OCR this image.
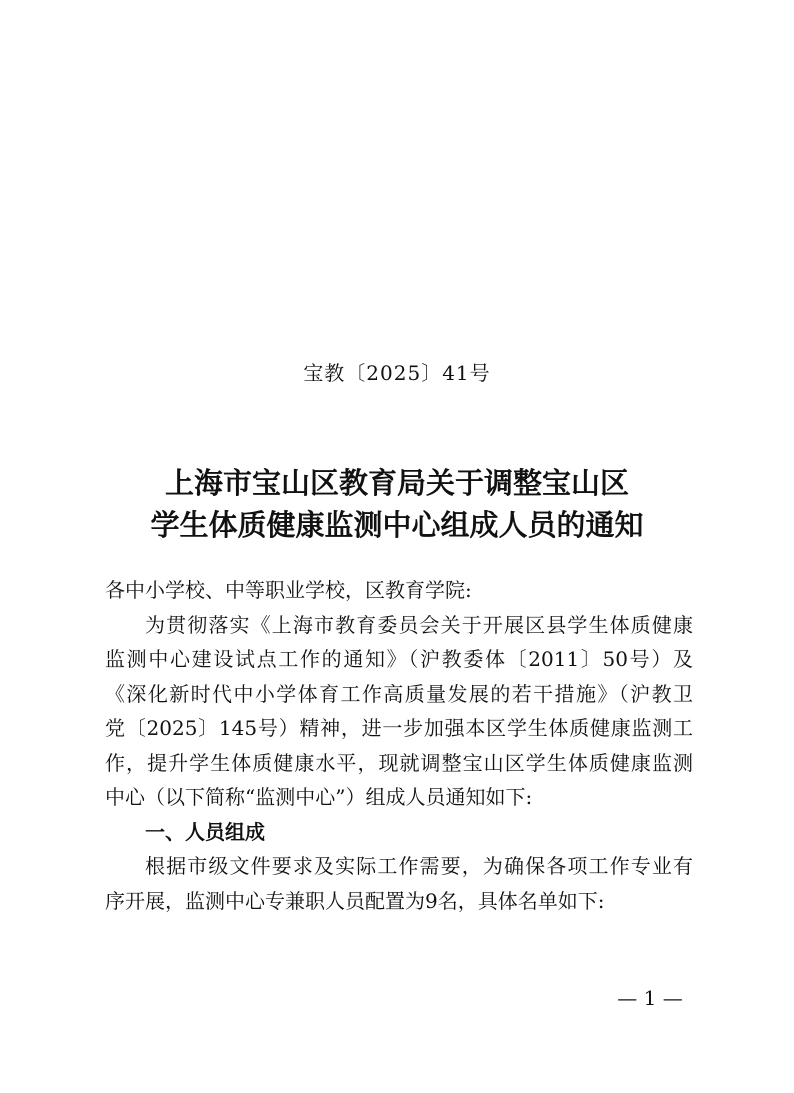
宝教〔2025〕41号
上海市宝山区教育局关于调整宝山区
学生体质健康监测中心组成人员的通知
各中小学校、中等职业学校，区教育学院:
为贯彻落实《上海市教育委员会关于开展区县学生体质健康
监测中心建设试点工作的通知》（沪教委体〔2011〕50号）及
《深化新时代中小学体育工作高质量发展的若干措施》（沪教卫
党〔2025〕145号）精神，进一步加强本区学生体质健康监测工
作，提升学生体质健康水平，现就调整宝山区学生体质健康监测
中心（以下简称“监测中心”）组成人员通知如下:
一、人员组成
根据市级文件要求及实际工作需要，为确保各项工作专业有
序开展，监测中心专兼职人员配置为9名，具体名单如下:
— 1 —
